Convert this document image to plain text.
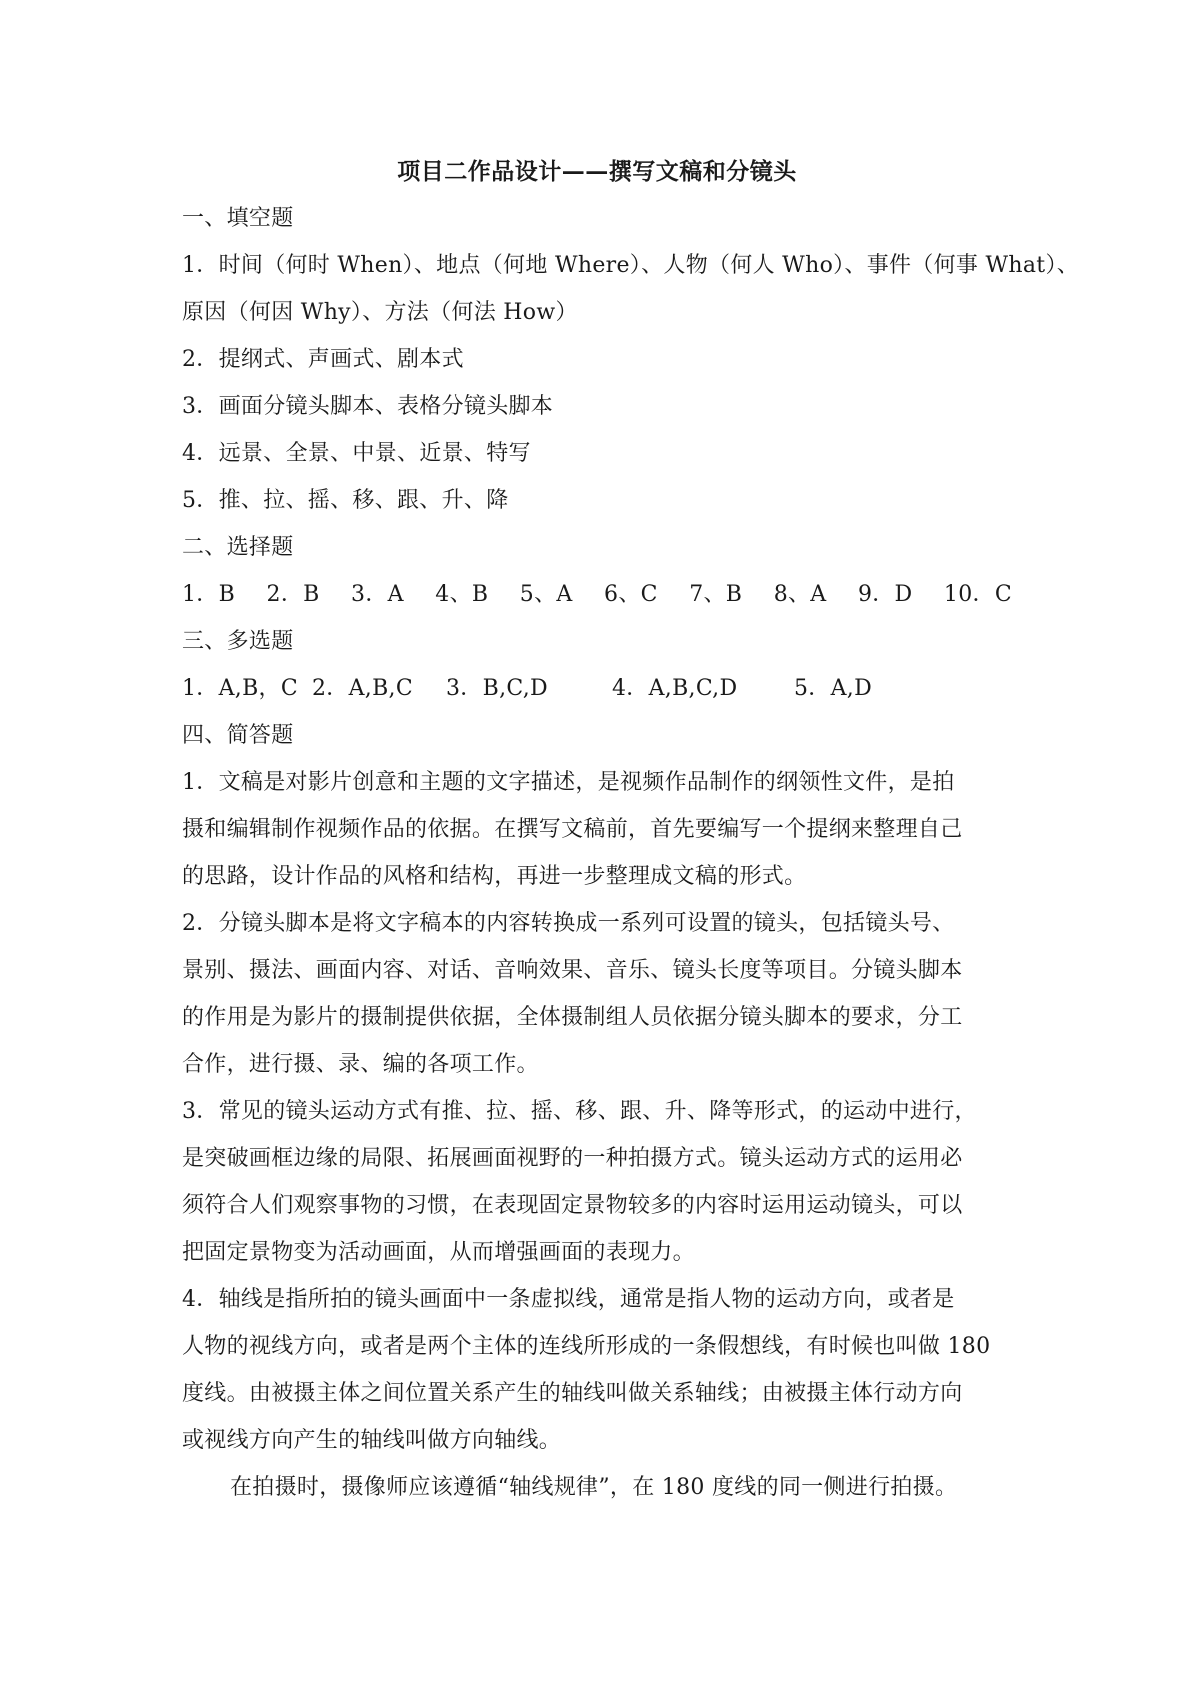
项目二作品设计——撰写文稿和分镜头

一、填空题

1．时间（何时 When）、地点（何地 Where）、人物（何人 Who）、事件（何事 What）、

原因（何因 Why）、方法（何法 How）

2．提纲式、声画式、剧本式

3．画面分镜头脚本、表格分镜头脚本

4．远景、全景、中景、近景、特写

5．推、拉、摇、移、跟、升、降

二、选择题

1．B 2．B 3．A 4、B 5、A 6、C 7、B 8、A 9．D 10．C

三、多选题

1．A,B，C 2．A,B,C 3．B,C,D	4．A,B,C,D	5．A,D

四、简答题

1．文稿是对影片创意和主题的文字描述，是视频作品制作的纲领性文件，是拍

摄和编辑制作视频作品的依据。在撰写文稿前，首先要编写一个提纲来整理自己

的思路，设计作品的风格和结构，再进一步整理成文稿的形式。

2．分镜头脚本是将文字稿本的内容转换成一系列可设置的镜头，包括镜头号、

景别、摄法、画面内容、对话、音响效果、音乐、镜头长度等项目。分镜头脚本

的作用是为影片的摄制提供依据，全体摄制组人员依据分镜头脚本的要求，分工

合作，进行摄、录、编的各项工作。

3．常见的镜头运动方式有推、拉、摇、移、跟、升、降等形式，的运动中进行，

是突破画框边缘的局限、拓展画面视野的一种拍摄方式。镜头运动方式的运用必

须符合人们观察事物的习惯，在表现固定景物较多的内容时运用运动镜头，可以

把固定景物变为活动画面，从而增强画面的表现力。

4．轴线是指所拍的镜头画面中一条虚拟线，通常是指人物的运动方向，或者是

人物的视线方向，或者是两个主体的连线所形成的一条假想线，有时候也叫做 180

度线。由被摄主体之间位置关系产生的轴线叫做关系轴线；由被摄主体行动方向

或视线方向产生的轴线叫做方向轴线。

在拍摄时，摄像师应该遵循“轴线规律”，在 180 度线的同一侧进行拍摄。
